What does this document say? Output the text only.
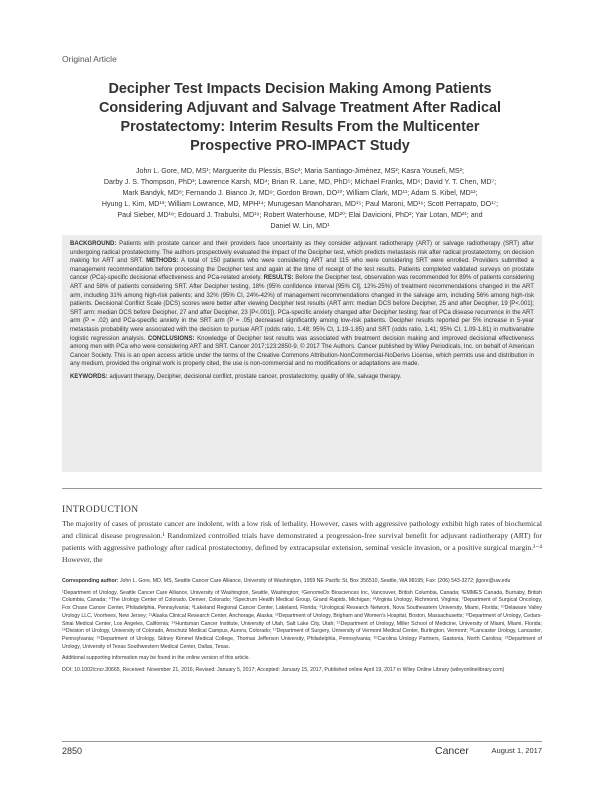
Original Article
Decipher Test Impacts Decision Making Among Patients
Considering Adjuvant and Salvage Treatment After Radical
Prostatectomy: Interim Results From the Multicenter
Prospective PRO-IMPACT Study
John L. Gore, MD, MS¹; Marguerite du Plessis, BSc²; Maria Santiago-Jiménez, MS²; Kasra Yousefi, MS²;
Darby J. S. Thompson, PhD³; Lawrence Karsh, MD⁴; Brian R. Lane, MD, PhD⁵; Michael Franks, MD⁶; David Y. T. Chen, MD⁷;
Mark Bandyk, MD⁸; Fernando J. Bianco Jr, MD⁹; Gordon Brown, DO¹⁰; William Clark, MD¹¹; Adam S. Kibel, MD¹²;
Hyung L. Kim, MD¹³; William Lowrance, MD, MPH¹⁴; Murugesan Manoharan, MD¹⁵; Paul Maroni, MD¹⁶; Scott Perrapato, DO¹⁷;
Paul Sieber, MD¹⁸; Edouard J. Trabulsi, MD¹⁹; Robert Waterhouse, MD²⁰; Elai Davicioni, PhD²; Yair Lotan, MD²¹; and
Daniel W. Lin, MD¹
BACKGROUND: Patients with prostate cancer and their providers face uncertainty as they consider adjuvant radiotherapy (ART) or salvage radiotherapy (SRT) after undergoing radical prostatectomy. The authors prospectively evaluated the impact of the Decipher test, which predicts metastasis risk after radical prostatectomy, on decision making for ART and SRT. METHODS: A total of 150 patients who were considering ART and 115 who were considering SRT were enrolled. Providers submitted a management recommendation before processing the Decipher test and again at the time of receipt of the test results. Patients completed validated surveys on prostate cancer (PCa)-specific decisional effectiveness and PCa-related anxiety. RESULTS: Before the Decipher test, observation was recommended for 89% of patients considering ART and 58% of patients considering SRT. After Decipher testing, 18% (95% confidence interval [95% CI], 12%-25%) of treatment recommendations changed in the ART arm, including 31% among high-risk patients; and 32% (95% CI, 24%-42%) of management recommendations changed in the salvage arm, including 56% among high-risk patients. Decisional Conflict Scale (DCS) scores were better after viewing Decipher test results (ART arm: median DCS before Decipher, 25 and after Decipher, 19 [P<.001]; SRT arm: median DCS before Decipher, 27 and after Decipher, 23 [P<.001]). PCa-specific anxiety changed after Decipher testing; fear of PCa disease recurrence in the ART arm (P = .02) and PCa-specific anxiety in the SRT arm (P = .05) decreased significantly among low-risk patients. Decipher results reported per 5% increase in 5-year metastasis probability were associated with the decision to pursue ART (odds ratio, 1.48; 95% CI, 1.19-1.85) and SRT (odds ratio, 1.41; 95% CI, 1.09-1.81) in multivariable logistic regression analysis. CONCLUSIONS: Knowledge of Decipher test results was associated with treatment decision making and improved decisional effectiveness among men with PCa who were considering ART and SRT. Cancer 2017;123:2850-9. © 2017 The Authors. Cancer published by Wiley Periodicals, Inc. on behalf of American Cancer Society. This is an open access article under the terms of the Creative Commons Attribution-NonCommercial-NoDerivs License, which permits use and distribution in any medium, provided the original work is properly cited, the use is non-commercial and no modifications or adaptations are made.
KEYWORDS: adjuvant therapy, Decipher, decisional conflict, prostate cancer, prostatectomy, quality of life, salvage therapy.
INTRODUCTION
The majority of cases of prostate cancer are indolent, with a low risk of lethality. However, cases with aggressive pathology exhibit high rates of biochemical and clinical disease progression.¹ Randomized controlled trials have demonstrated a progression-free survival benefit for adjuvant radiotherapy (ART) for patients with aggressive pathology after radical prostatectomy, defined by extracapsular extension, seminal vesicle invasion, or a positive surgical margin.²⁻⁴ However, the

Corresponding author: John L. Gore, MD, MS, Seattle Cancer Care Alliance, University of Washington, 1959 NE Pacific St, Box 356510, Seattle, WA 98195; Fax: (206) 543-3272; jlgore@uw.edu

¹Department of Urology, Seattle Cancer Care Alliance, University of Washington, Seattle, Washington; ²GenomeDx Biosciences Inc, Vancouver, British Columbia, Canada; ³EMMES Canada, Burnaby, British Columbia, Canada; ⁴The Urology Center of Colorado, Denver, Colorado; ⁵Spectrum Health Medical Group, Grand Rapids, Michigan; ⁶Virginia Urology, Richmond, Virginia; ⁷Department of Surgical Oncology, Fox Chase Cancer Center, Philadelphia, Pennsylvania; ⁸Lakeland Regional Cancer Center, Lakeland, Florida; ⁹Urological Research Network, Nova Southeastern University, Miami, Florida; ¹⁰Delaware Valley Urology LLC, Voorhees, New Jersey; ¹¹Alaska Clinical Research Center, Anchorage, Alaska; ¹²Department of Urology, Brigham and Women's Hospital, Boston, Massachusetts; ¹³Department of Urology, Cedars-Sinai Medical Center, Los Angeles, California; ¹⁴Huntsman Cancer Institute, University of Utah, Salt Lake City, Utah; ¹⁵Department of Urology, Miller School of Medicine, University of Miami, Miami, Florida; ¹⁶Division of Urology, University of Colorado, Anschutz Medical Campus, Aurora, Colorado; ¹⁷Department of Surgery, University of Vermont Medical Center, Burlington, Vermont; ¹⁸Lancaster Urology, Lancaster, Pennsylvania; ¹⁹Department of Urology, Sidney Kimmel Medical College, Thomas Jefferson University, Philadelphia, Pennsylvania; ²⁰Carolina Urology Partners, Gastonia, North Carolina; ²¹Department of Urology, University of Texas Southwestern Medical Center, Dallas, Texas.

Additional supporting information may be found in the online version of this article.

DOI: 10.1002/cncr.30665, Received: November 21, 2016; Revised: January 5, 2017; Accepted: January 15, 2017, Published online April 19, 2017 in Wiley Online Library (wileyonlinelibrary.com)

2850	Cancer	August 1, 2017
